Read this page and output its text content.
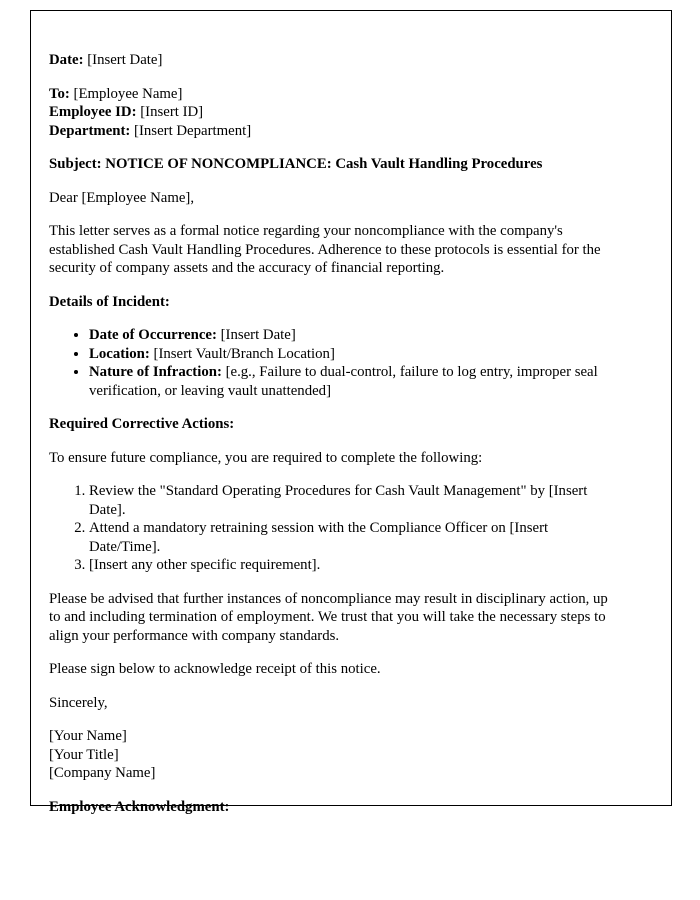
Date: [Insert Date]

To: [Employee Name]
Employee ID: [Insert ID]
Department: [Insert Department]

Subject: NOTICE OF NONCOMPLIANCE: Cash Vault Handling Procedures

Dear [Employee Name],

This letter serves as a formal notice regarding your noncompliance with the company's established Cash Vault Handling Procedures. Adherence to these protocols is essential for the security of company assets and the accuracy of financial reporting.

Details of Incident:

• Date of Occurrence: [Insert Date]
• Location: [Insert Vault/Branch Location]
• Nature of Infraction: [e.g., Failure to dual-control, failure to log entry, improper seal verification, or leaving vault unattended]

Required Corrective Actions:

To ensure future compliance, you are required to complete the following:

1. Review the "Standard Operating Procedures for Cash Vault Management" by [Insert Date].
2. Attend a mandatory retraining session with the Compliance Officer on [Insert Date/Time].
3. [Insert any other specific requirement].

Please be advised that further instances of noncompliance may result in disciplinary action, up to and including termination of employment. We trust that you will take the necessary steps to align your performance with company standards.

Please sign below to acknowledge receipt of this notice.

Sincerely,

[Your Name]
[Your Title]
[Company Name]

Employee Acknowledgment:
